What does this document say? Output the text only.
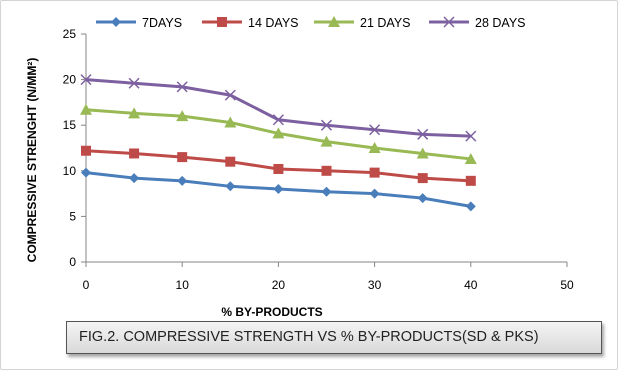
0
5
10
15
20
25
0	10	20	30	40	50
7DAYS	14 DAYS	21 DAYS	28 DAYS
COMPRESSIVE STRENGHT (N/MM²)
% BY-PRODUCTS
FIG.2. COMPRESSIVE STRENGTH VS % BY-PRODUCTS(SD & PKS)
